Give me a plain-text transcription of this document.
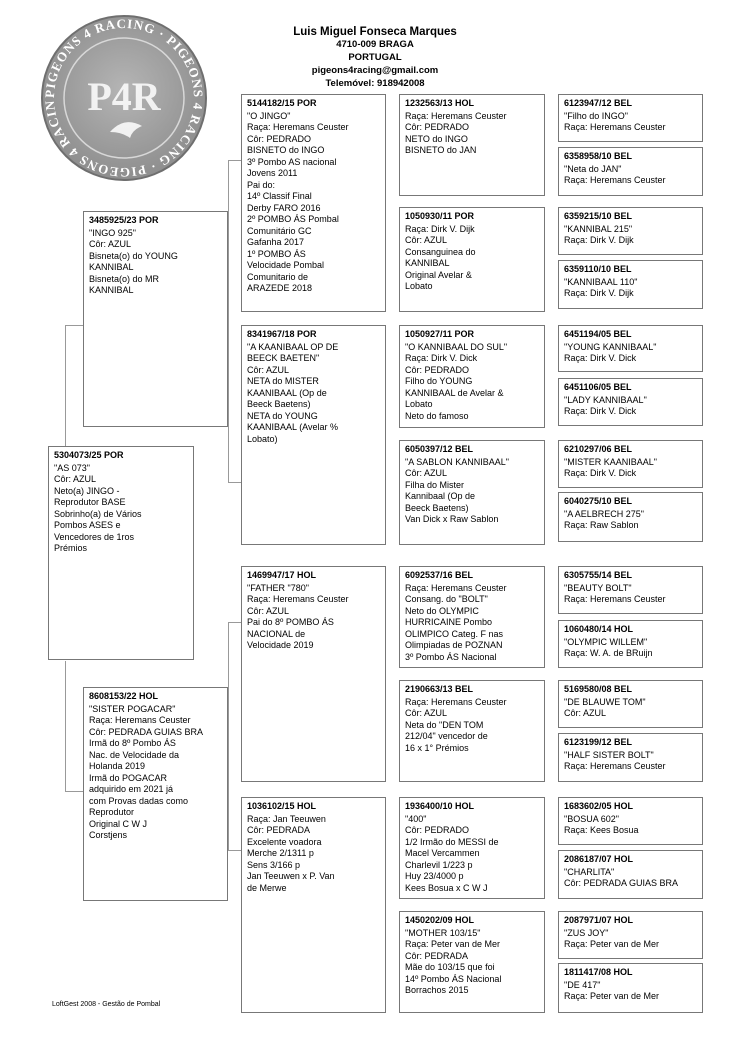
PIGEONS 4 RACING · PIGEONS 4 RACING · PIGEONS 4 RACIN P4R
Luis Miguel Fonseca Marques
4710-009 BRAGA
PORTUGAL
pigeons4racing@gmail.com
Telemóvel: 918942008
5304073/25 POR
"AS 073"
Côr: AZUL
Neto(a) JINGO -
Reprodutor BASE
Sobrinho(a) de Vários
Pombos ASES e
Vencedores de 1ros
Prémios
3485925/23 POR
"INGO 925"
Côr: AZUL
Bisneta(o) do YOUNG
KANNIBAL
Bisneta(o) do MR
KANNIBAL
8608153/22 HOL
"SISTER POGACAR"
Raça: Heremans Ceuster
Côr: PEDRADA GUIAS BRA
Irmã do 8º Pombo ÁS
Nac. de Velocidade da
Holanda 2019
Irmã do POGACAR
adquirido em 2021 já
com Provas dadas como
Reprodutor
Original C W J
Corstjens
5144182/15 POR
"O JINGO"
Raça: Heremans Ceuster
Côr: PEDRADO
BISNETO do INGO
3º Pombo AS nacional
Jovens 2011
Pai do:
14º Classif Final
Derby FARO 2016
2º POMBO ÁS Pombal
Comunitário GC
Gafanha 2017
1º POMBO ÁS
Velocidade Pombal
Comunitario de
ARAZEDE 2018
8341967/18 POR
"A KAANIBAAL OP DE
BEECK BAETEN"
Côr: AZUL
NETA do MISTER
KAANIBAAL (Op de
Beeck Baetens)
NETA do YOUNG
KAANIBAAL (Avelar %
Lobato)
1469947/17 HOL
"FATHER "780"
Raça: Heremans Ceuster
Côr: AZUL
Pai do 8º POMBO ÁS
NACIONAL de
Velocidade 2019
1036102/15 HOL
Raça: Jan Teeuwen
Côr: PEDRADA
Excelente voadora
Merche 2/1311 p
Sens 3/166 p
Jan Teeuwen x P. Van
de Merwe
1232563/13 HOL
Raça: Heremans Ceuster
Côr: PEDRADO
NETO do INGO
BISNETO do JAN
1050930/11 POR
Raça: Dirk V. Dijk
Côr: AZUL
Consanguinea do
KANNIBAL
Original Avelar &
Lobato
1050927/11 POR
"O KANNIBAAL DO SUL"
Raça: Dirk V. Dick
Côr: PEDRADO
Filho do YOUNG
KANNIBAAL de Avelar &
Lobato
Neto do famoso
6050397/12 BEL
"A SABLON KANNIBAAL"
Côr: AZUL
Filha do Mister
Kannibaal (Op de
Beeck Baetens)
Van Dick x Raw Sablon
6092537/16 BEL
Raça: Heremans Ceuster
Consang. do "BOLT"
Neto do OLYMPIC
HURRICAINE Pombo
OLIMPICO Categ. F nas
Olimpiadas de POZNAN
3º Pombo ÁS Nacional
2190663/13 BEL
Raça: Heremans Ceuster
Côr: AZUL
Neta do "DEN TOM
212/04" vencedor de
16 x 1° Prémios
1936400/10 HOL
"400"
Côr: PEDRADO
1/2 Irmão do MESSI de
Macel Vercammen
Charlevil 1/223 p
Huy 23/4000 p
Kees Bosua x C W J
1450202/09 HOL
"MOTHER 103/15"
Raça: Peter van de Mer
Côr: PEDRADA
Mãe do 103/15 que foi
14º Pombo ÁS Nacional
Borrachos 2015
6123947/12 BEL
"Filho do INGO"
Raça: Heremans Ceuster
6358958/10 BEL
"Neta do JAN"
Raça: Heremans Ceuster
6359215/10 BEL
"KANNIBAL 215"
Raça: Dirk V. Dijk
6359110/10 BEL
"KANNIBAAL 110"
Raça: Dirk V. Dijk
6451194/05 BEL
"YOUNG KANNIBAAL"
Raça: Dirk V. Dick
6451106/05 BEL
"LADY KANNIBAAL"
Raça: Dirk V. Dick
6210297/06 BEL
"MISTER KAANIBAAL"
Raça: Dirk V. Dick
6040275/10 BEL
"A AELBRECH 275"
Raça: Raw Sablon
6305755/14 BEL
"BEAUTY BOLT"
Raça: Heremans Ceuster
1060480/14 HOL
"OLYMPIC WILLEM"
Raça: W. A. de BRuijn
5169580/08 BEL
"DE BLAUWE TOM"
Côr: AZUL
6123199/12 BEL
"HALF SISTER BOLT"
Raça: Heremans Ceuster
1683602/05 HOL
"BOSUA 602"
Raça: Kees Bosua
2086187/07 HOL
"CHARLITA"
Côr: PEDRADA GUIAS BRA
2087971/07 HOL
"ZUS JOY"
Raça: Peter van de Mer
1811417/08 HOL
"DE 417"
Raça: Peter van de Mer
LoftGest 2008 - Gestão de Pombal
